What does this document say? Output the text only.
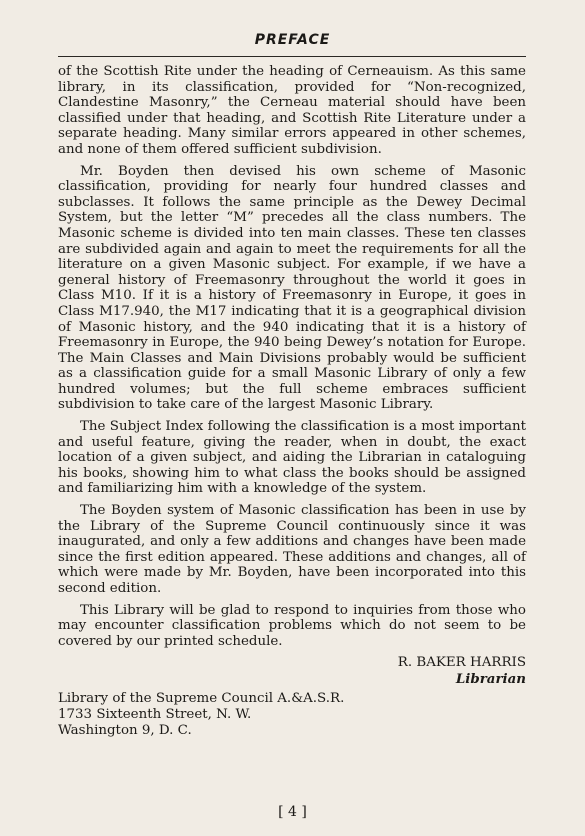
PREFACE

of the Scottish Rite under the heading of Cerneauism. As this same library, in its classification, provided for “Non-recognized, Clandestine Masonry,” the Cerneau material should have been classified under that heading, and Scottish Rite Literature under a separate heading. Many similar errors appeared in other schemes, and none of them offered sufficient subdivision.

Mr. Boyden then devised his own scheme of Masonic classification, providing for nearly four hundred classes and subclasses. It follows the same principle as the Dewey Decimal System, but the letter “M” precedes all the class numbers. The Masonic scheme is divided into ten main classes. These ten classes are subdivided again and again to meet the requirements for all the literature on a given Masonic subject. For example, if we have a general history of Freemasonry throughout the world it goes in Class M10. If it is a history of Freemasonry in Europe, it goes in Class M17.940, the M17 indicating that it is a geographical division of Masonic history, and the 940 indicating that it is a history of Freemasonry in Europe, the 940 being Dewey’s notation for Europe. The Main Classes and Main Divisions probably would be sufficient as a classification guide for a small Masonic Library of only a few hundred volumes; but the full scheme embraces sufficient subdivision to take care of the largest Masonic Library.

The Subject Index following the classification is a most important and useful feature, giving the reader, when in doubt, the exact location of a given subject, and aiding the Librarian in cataloguing his books, showing him to what class the books should be assigned and familiarizing him with a knowledge of the system.

The Boyden system of Masonic classification has been in use by the Library of the Supreme Council continuously since it was inaugurated, and only a few additions and changes have been made since the first edition appeared. These additions and changes, all of which were made by Mr. Boyden, have been incorporated into this second edition.

This Library will be glad to respond to inquiries from those who may encounter classification problems which do not seem to be covered by our printed schedule.

R. BAKER HARRIS
Librarian
Library of the Supreme Council A.&A.S.R.
1733 Sixteenth Street, N. W.
Washington 9, D. C.
[ 4 ]
